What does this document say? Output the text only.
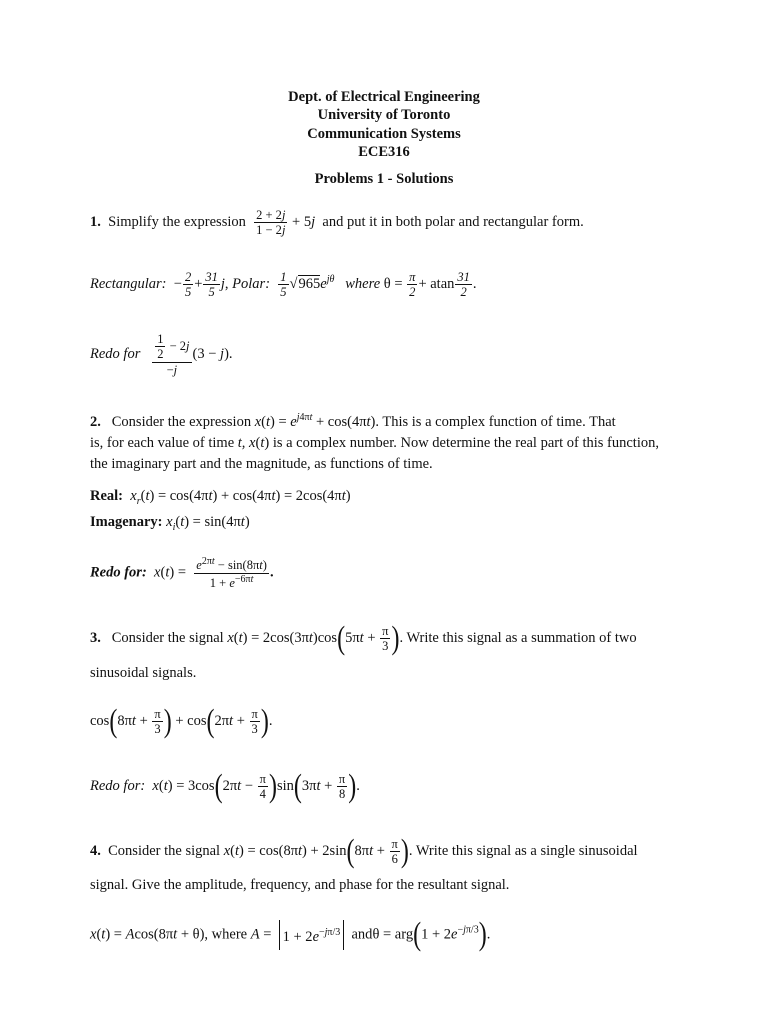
Dept. of Electrical Engineering
University of Toronto
Communication Systems
ECE316
Problems 1 - Solutions
1. Simplify the expression $\frac{2 + 2j}{1 - 2j} + 5j$ and put it in both polar and rectangular form.
Rectangular: − $\frac{2}{5} + \frac{31}{5} j$, Polar: $\frac{1}{5} √965e^{j\theta}$ where $\theta = \frac{\pi}{2} + atan \frac{31}{2}$ .
Redo for $\frac{\frac{1}{2} - 2j}{-j} (3 - j)$.
2. Consider the expression $x(t) = e^{j4\pi t} + \cos(4\pi t)$. This is a complex function of time. That
is, for each value of time t, x(t) is a complex number. Now determine the real part of this function,
the imaginary part and the magnitude, as functions of time.
Real: $x_r(t) = \cos(4\pi t) + \cos(4\pi t) = 2\cos(4\pi t)$
Imagenary: $x_i(t) = \sin(4\pi t)$
Redo for: $x(t) = \frac{e^{2\pi t} - \sin(8\pi t)}{1 + e^{-6\pi t}}$ .
3. Consider the signal $x(t) = 2\cos(3\pi t)\cos(5\pi t + \frac{\pi}{3}$ ). Write this signal as a summation of two
sinusoidal signals.
$\cos(8\pi t + \frac{\pi}{3}$ ) + $\cos(2\pi t + \frac{\pi}{3}$ ).
Redo for: $x(t) = 3\cos(2\pi t - \frac{\pi}{4} )\sin(3\pi t + \frac{\pi}{8}$ ).
4. Consider the signal $x(t) = \cos(8\pi t) + 2\sin(8\pi t + \frac{\pi}{6}$ ). Write this signal as a single sinusoidal
signal. Give the amplitude, frequency, and phase for the resultant signal.
x(t) = Acos(8πt + θ), where $A = 1 + 2e^{-j\pi/3}$ $and\theta = arg(1 + 2e^{-j\pi/3})$.
